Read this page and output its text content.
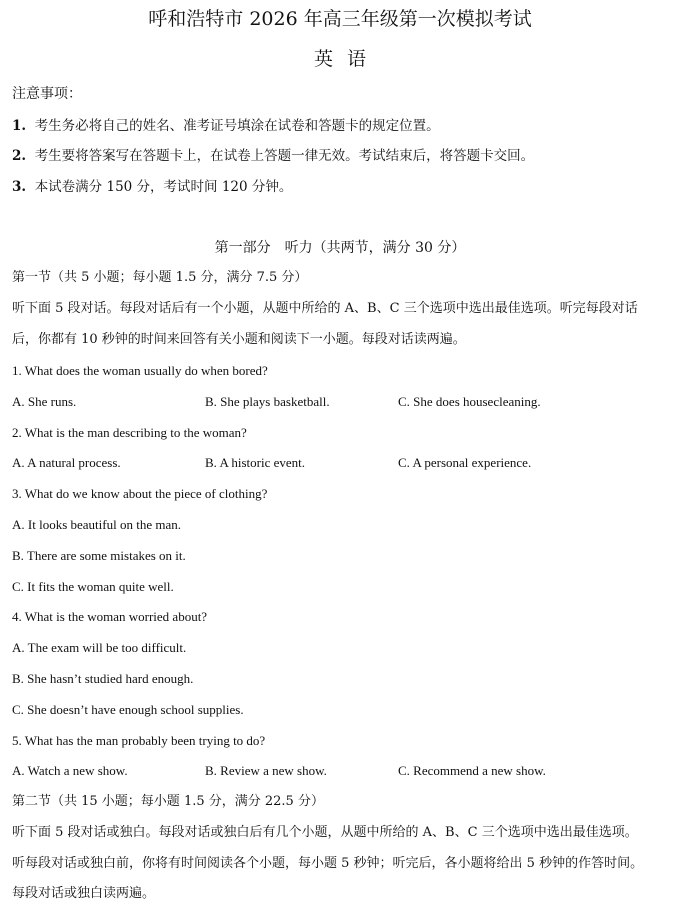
呼和浩特市 2026 年高三年级第一次模拟考试
英语
注意事项：
1. 考生务必将自己的姓名、准考证号填涂在试卷和答题卡的规定位置。
2. 考生要将答案写在答题卡上，在试卷上答题一律无效。考试结束后，将答题卡交回。
3. 本试卷满分 150 分，考试时间 120 分钟。
第一部分　听力（共两节，满分 30 分）
第一节（共 5 小题；每小题 1.5 分，满分 7.5 分）
听下面 5 段对话。每段对话后有一个小题，从题中所给的 A、B、C 三个选项中选出最佳选项。听完每段对话
后，你都有 10 秒钟的时间来回答有关小题和阅读下一小题。每段对话读两遍。
1. What does the woman usually do when bored?
A. She runs.	B. She plays basketball.	C. She does housecleaning.
2. What is the man describing to the woman?
A. A natural process.	B. A historic event.	C. A personal experience.
3. What do we know about the piece of clothing?
A. It looks beautiful on the man.
B. There are some mistakes on it.
C. It fits the woman quite well.
4. What is the woman worried about?
A. The exam will be too difficult.
B. She hasn’t studied hard enough.
C. She doesn’t have enough school supplies.
5. What has the man probably been trying to do?
A. Watch a new show.	B. Review a new show.	C. Recommend a new show.
第二节（共 15 小题；每小题 1.5 分，满分 22.5 分）
听下面 5 段对话或独白。每段对话或独白后有几个小题，从题中所给的 A、B、C 三个选项中选出最佳选项。
听每段对话或独白前，你将有时间阅读各个小题，每小题 5 秒钟；听完后，各小题将给出 5 秒钟的作答时间。
每段对话或独白读两遍。
